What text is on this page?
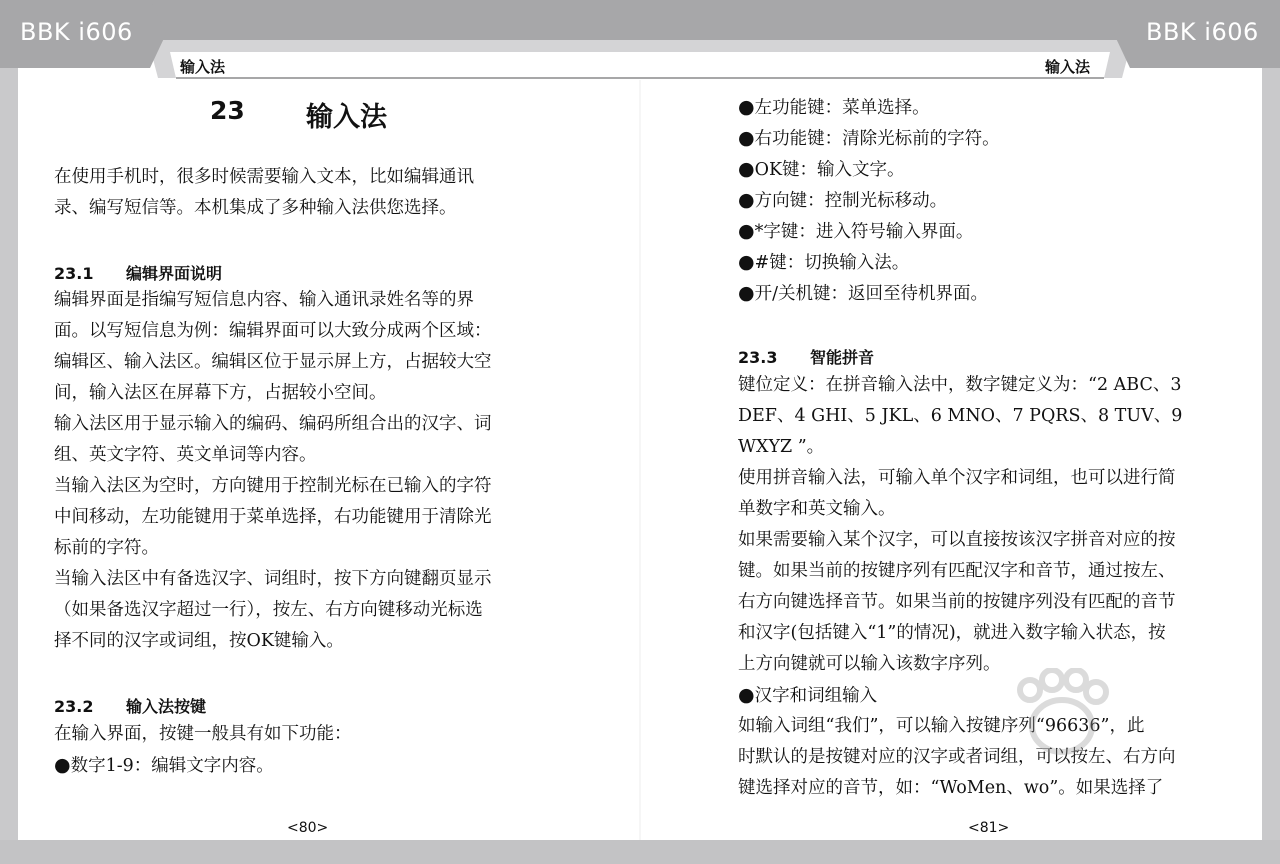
BBK i606	BBK i606
输入法	输入法
23 输入法
在使用手机时，很多时候需要输入文本，比如编辑通讯
录、编写短信等。本机集成了多种输入法供您选择。
23.1 编辑界面说明
编辑界面是指编写短信息内容、输入通讯录姓名等的界
面。以写短信息为例：编辑界面可以大致分成两个区域：
编辑区、输入法区。编辑区位于显示屏上方，占据较大空
间，输入法区在屏幕下方，占据较小空间。
输入法区用于显示输入的编码、编码所组合出的汉字、词
组、英文字符、英文单词等内容。
当输入法区为空时，方向键用于控制光标在已输入的字符
中间移动，左功能键用于菜单选择，右功能键用于清除光
标前的字符。
当输入法区中有备选汉字、词组时，按下方向键翻页显示
（如果备选汉字超过一行），按左、右方向键移动光标选
择不同的汉字或词组，按OK键输入。
23.2 输入法按键
在输入界面，按键一般具有如下功能：
●数字1-9：编辑文字内容。
<80>
●左功能键：菜单选择。
●右功能键：清除光标前的字符。
●OK键：输入文字。
●方向键：控制光标移动。
●*字键：进入符号输入界面。
●#键：切换输入法。
●开/关机键：返回至待机界面。
23.3 智能拼音
键位定义：在拼音输入法中，数字键定义为：“2 ABC、3
DEF、4 GHI、5 JKL、6 MNO、7 PQRS、8 TUV、9
WXYZ ”。
使用拼音输入法，可输入单个汉字和词组，也可以进行简
单数字和英文输入。
如果需要输入某个汉字，可以直接按该汉字拼音对应的按
键。如果当前的按键序列有匹配汉字和音节，通过按左、
右方向键选择音节。如果当前的按键序列没有匹配的音节
和汉字(包括键入“1”的情况)，就进入数字输入状态，按
上方向键就可以输入该数字序列。
●汉字和词组输入
如输入词组“我们”，可以输入按键序列“96636”，此
时默认的是按键对应的汉字或者词组，可以按左、右方向
键选择对应的音节，如：“WoMen、wo”。如果选择了
<81>
